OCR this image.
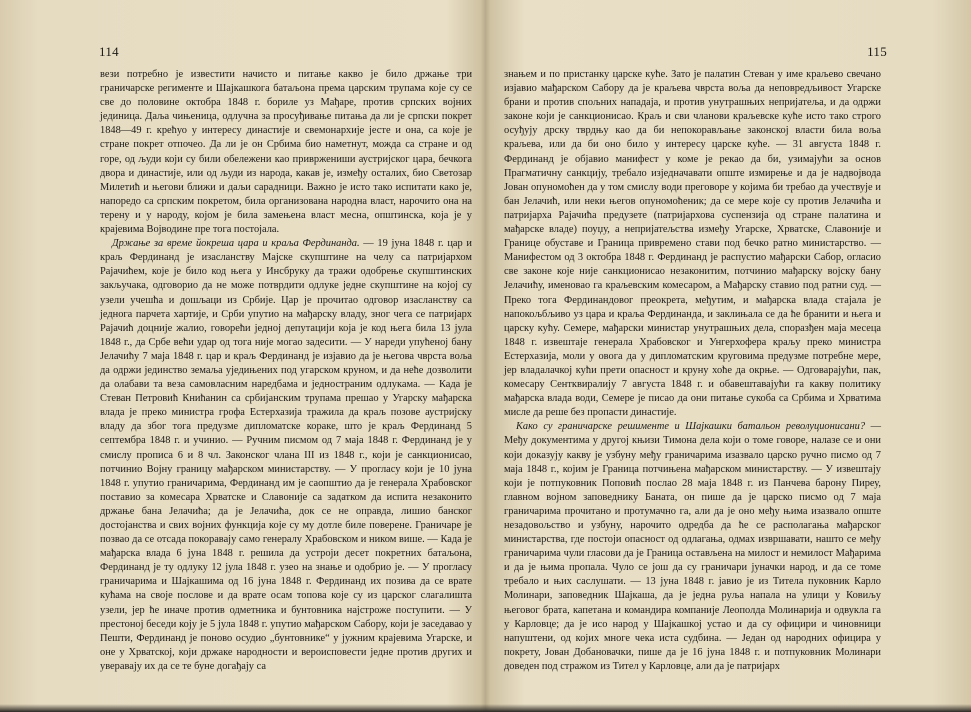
114

вези потребно је известити начисто и питање какво је било држање три граничарске регименте и Шајкашкога батаљона према царским трупама које су се све до половине октобра 1848 г. бориле уз Мађаре, против српских војних јединица. Даља чињеница, одлучна за просуђивање питања да ли је српски покрет 1848—49 г. крећуо у интересу династије и свемонархије јесте и она, са које је стране покрет отпочео. Да ли је он Србима био наметнут, можда са стране и од горе, од људи који су били обележени као привржениши аустријског цара, бечкога двора и династије, или од људи из народа, какав је, између осталих, био Светозар Милетић и његови ближи и даљи сарадници. Важно је исто тако испитати како је, напоредо са српским покретом, била организована народна власт, нарочито она на терену и у народу, којом је била замењена власт месна, општинска, која је у крајевима Војводине пре тога постојала.

Држање за време йокреша цара и краља Фердинанда. — 19 јуна 1848 г. цар и краљ Фердинанд је изасланству Мајске скупштине на челу са патријархом Рајачићем, које је било код њега у Инсбруку да тражи одобрење скупштинских закључака, одговорио да не може потврдити одлуке једне скупштине на којој су узели учешћа и дошљаци из Србије. Цар је прочитао одговор изасланству са једнога парчета хартије, и Срби упутио на мађарску владу, зног чега се патријарх Рајачић доцније жалио, говорећи једној депутацији која је код њега била 13 јула 1848 г., да Србе већи удар од тога није могао задесити. — У нареди упућеној бану Јелачићу 7 маја 1848 г. цар и краљ Фердинанд је изјавио да је његова чврста воља да одржи јединство земаља уједињених под угарском круном, и да неће дозволити да олабави та веза самовласним наредбама и једностраним одлукама. — Када је Стеван Петровић Книћанин са србијанским трупама прешао у Угарску мађарска влада је преко министра грофа Естерхазија тражила да краљ позове аустријску владу да због тога предузме дипломатске кораке, што је краљ Фердинанд 5 септембра 1848 г. и учинио. — Ручним писмом од 7 маја 1848 г. Фердинанд је у смислу прописа 6 и 8 чл. Законског члана III из 1848 г., који је санкционисао, потчинио Војну границу мађарском министарству. — У прогласу који је 10 јуна 1848 г. упутио граничарима, Фердинанд им је саопштио да је генерала Храбовског поставио за комесара Хрватске и Славоније са задатком да испита незаконито држање бана Јелачића; да је Јелачића, док се не оправда, лишио банског достојанства и свих војних функција које су му дотле биле поверене. Граничаре је позвао да се отсада покоравају само генералу Храбовском и ником више. — Када је мађарска влада 6 јуна 1848 г. решила да устроји десет покретних батаљона, Фердинанд је ту одлуку 12 јула 1848 г. узео на знање и одобрио је. — У прогласу граничарима и Шајкашима од 16 јуна 1848 г. Фердинанд их позива да се врате кућама на своје послове и да врате осам топова које су из царског слагалишта узели, јер ће иначе против одметника и бунтовника најстроже поступити. — У престоној беседи коју је 5 јула 1848 г. упутио мађарском Сабору, који је заседавао у Пешти, Фердинанд је поново осудио „бунтовнике“ у јужним крајевима Угарске, и оне у Хрватској, који држаке народности и вероисповести једне против других и уверавају их да се те буне догађају са

115

знањем и по пристанку царске куће. Зато је палатин Стеван у име краљево свечано изјавио мађарском Сабору да је краљева чврста воља да неповредљивост Угарске брани и против спољних нападаја, и против унутрашњих непријатеља, и да одржи законе који је санкционисао. Краљ и сви чланови краљевске куће исто тако строго осуђују дрску тврдњу као да би непокорављање законској власти била воља краљева, или да би оно било у интересу царске куће. — 31 августа 1848 г. Фердинанд је објавио манифест у коме је рекао да би, узимајући за основ Прагматичну санкцију, требало изједначавати опште измирење и да је надвојвода Јован опуномоћен да у том смислу води преговоре у којима би требао да учествује и бан Јелачић, или неки његов опуномоћеник; да се мере које су против Јелачића и патријарха Рајачића предузете (патријархова суспензија од стране палатина и мађарске владе) поуџу, а непријатељства између Угарске, Хрватске, Славоније и Границе обуставе и Граница привремено стави под бечко ратно министарство. — Манифестом од 3 октобра 1848 г. Фердинанд је распустио мађарски Сабор, огласио све законе које није санкционисао незаконитим, потчинио мађарску војску бану Јелачићу, именовао га краљевским комесаром, а Мађарску ставио под ратни суд. — Преко тога Фердинандовог преокрета, међутим, и мађарска влада стајала је напокољбљиво уз цара и краља Фердинанда, и заклињала се да ће бранити и њега и царску кућу. Семере, мађарски министар унутрашњих дела, споразђен маја месеца 1848 г. извештаје генерала Храбовског и Унгерхофера краљу преко министра Естерхазија, моли у овога да у дипломатским круговима предузме потребне мере, јер владалачкој кући прети опасност и круну хоће да окрње. — Одговарајући, пак, комесару Сентквиралију 7 августа 1848 г. и обавештавајући га какву политику мађарска влада води, Семере је писао да они питање сукоба са Србима и Хрватима мисле да реше без пропасти династије.

Како су граничарске решименте и Шајкашки батальон револуционисани? — Међу документима у другој књизи Тимона дела који о томе говоре, налазе се и они који доказују какву је узбуну међу граничарима изазвало царско ручно писмо од 7 маја 1848 г., којим је Граница потчињена мађарском министарству. — У извештају који је потпуковник Поповић послао 28 маја 1848 г. из Панчева барону Пиреу, главном војном заповеднику Баната, он пише да је царско писмо од 7 маја граничарима прочитано и протумачно га, али да је оно међу њима изазвало опште незадовољство и узбуну, нарочито одредба да ће се располагања мађарског министарства, где постоји опасност од одлагања, одмах извршавати, нашто се међу граничарима чули гласови да је Граница остављена на милост и немилост Мађарима и да је њима пропала. Чуло се још да су граничари јуначки народ, и да се томе требало и њих саслушати. — 13 јуна 1848 г. јавио је из Титела пуковник Карло Молинари, заповедник Шајкаша, да је једна руља напала на улици у Ковиљу његовог брата, капетана и командира компаније Леополда Молинарија и одвукла га у Карловце; да је исо народ у Шајкашкој устао и да су официри и чиновници напуштени, од којих многе чека иста судбина. — Један од народних официра у покрету, Јован Добановачки, пише да је 16 јуна 1848 г. и потпуковник Молинари доведен под стражом из Тител у Карловце, али да је патријарх
